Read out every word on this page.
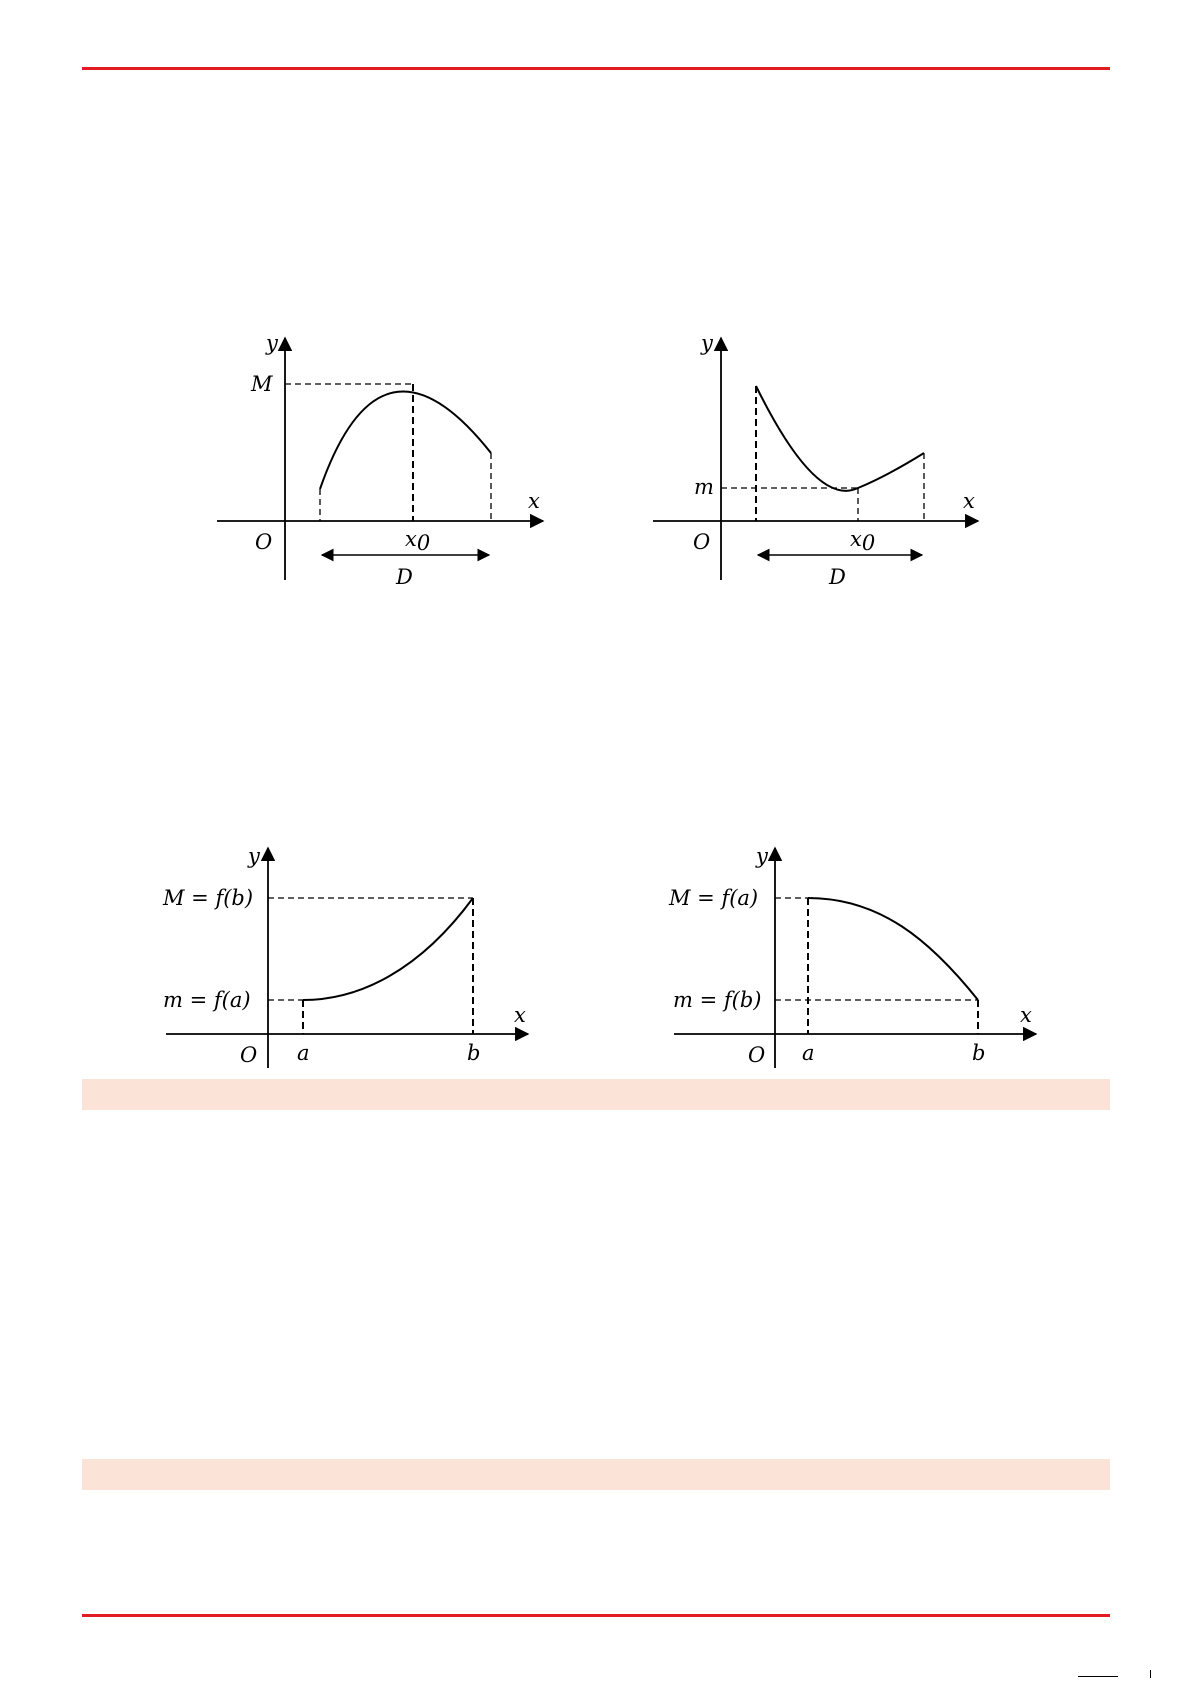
y
M
x
O	x0
D
y
m
x
O	x0
D
y
M = f(b)
m = f(a)
x
O a	b
y
M = f(a)
m = f(b)
x
O a	b
